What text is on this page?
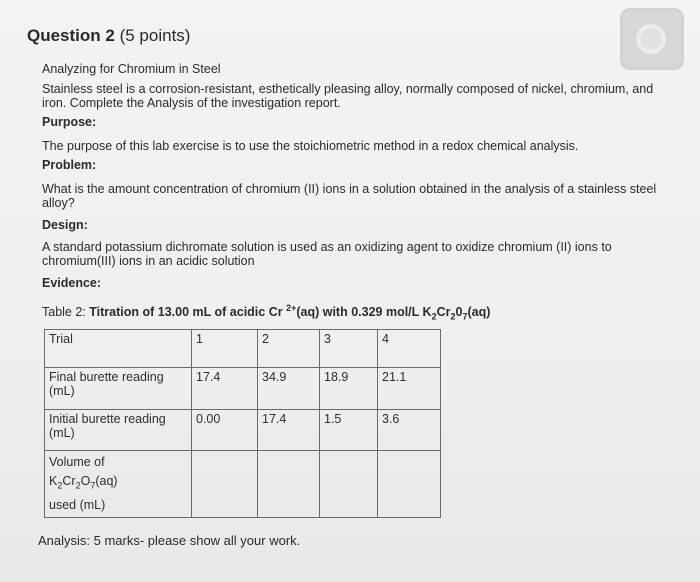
Question 2 (5 points)
Analyzing for Chromium in Steel
Stainless steel is a corrosion-resistant, esthetically pleasing alloy, normally composed of nickel, chromium, and iron. Complete the Analysis of the investigation report.
Purpose:
The purpose of this lab exercise is to use the stoichiometric method in a redox chemical analysis.
Problem:
What is the amount concentration of chromium (II) ions in a solution obtained in the analysis of a stainless steel alloy?
Design:
A standard potassium dichromate solution is used as an oxidizing agent to oxidize chromium (II) ions to chromium(III) ions in an acidic solution
Evidence:
Table 2: Titration of 13.00 mL of acidic Cr $^{2+}$(aq) with 0.329 mol/L $K_2Cr_20_7(aq)$
Trial	1	2	3	4
Final burette reading (mL)	17.4	34.9	18.9	21.1
Initial burette reading (mL)	0.00	17.4	1.5	3.6

Volume of
$K_2Cr_2O_7(aq)$
used (mL)				

Analysis: 5 marks- please show all your work.
